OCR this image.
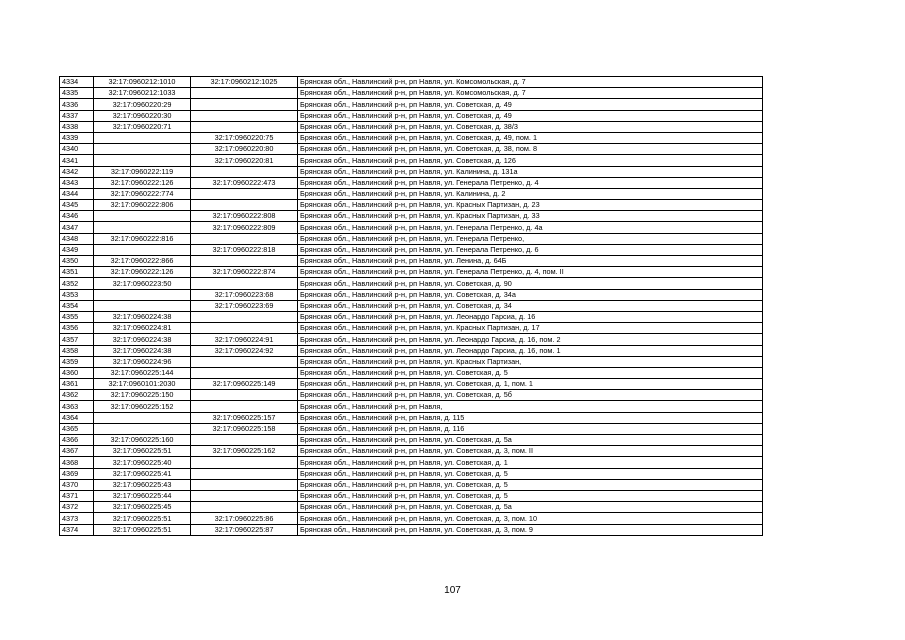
4334	32:17:0960212:1010	32:17:0960212:1025	Брянская обл., Навлинский р-н, рп Навля, ул. Комсомольская, д. 7
4335	32:17:0960212:1033		Брянская обл., Навлинский р-н, рп Навля, ул. Комсомольская, д. 7
4336	32:17:0960220:29		Брянская обл., Навлинский р-н, рп Навля, ул. Советская, д. 49
4337	32:17:0960220:30		Брянская обл., Навлинский р-н, рп Навля, ул. Советская, д. 49
4338	32:17:0960220:71		Брянская обл., Навлинский р-н, рп Навля, ул. Советская, д. 38/3
4339		32:17:0960220:75	Брянская обл., Навлинский р-н, рп Навля, ул. Советская, д. 49, пом. 1
4340		32:17:0960220:80	Брянская обл., Навлинский р-н, рп Навля, ул. Советская, д. 38, пом. 8
4341		32:17:0960220:81	Брянская обл., Навлинский р-н, рп Навля, ул. Советская, д. 126
4342	32:17:0960222:119		Брянская обл., Навлинский р-н, рп Навля, ул. Калинина, д. 131а
4343	32:17:0960222:126	32:17:0960222:473	Брянская обл., Навлинский р-н, рп Навля, ул. Генерала Петренко, д. 4
4344	32:17:0960222:774		Брянская обл., Навлинский р-н, рп Навля, ул. Калинина, д. 2
4345	32:17:0960222:806		Брянская обл., Навлинский р-н, рп Навля, ул. Красных Партизан, д. 23
4346		32:17:0960222:808	Брянская обл., Навлинский р-н, рп Навля, ул. Красных Партизан, д. 33
4347		32:17:0960222:809	Брянская обл., Навлинский р-н, рп Навля, ул. Генерала Петренко, д. 4а
4348	32:17:0960222:816		Брянская обл., Навлинский р-н, рп Навля, ул. Генерала Петренко,
4349		32:17:0960222:818	Брянская обл., Навлинский р-н, рп Навля, ул. Генерала Петренко, д. 6
4350	32:17:0960222:866		Брянская обл., Навлинский р-н, рп Навля, ул. Ленина, д. 64Б
4351	32:17:0960222:126	32:17:0960222:874	Брянская обл., Навлинский р-н, рп Навля, ул. Генерала Петренко, д. 4, пом. II
4352	32:17:0960223:50		Брянская обл., Навлинский р-н, рп Навля, ул. Советская, д. 90
4353		32:17:0960223:68	Брянская обл., Навлинский р-н, рп Навля, ул. Советская, д. 34а
4354		32:17:0960223:69	Брянская обл., Навлинский р-н, рп Навля, ул. Советская, д. 34
4355	32:17:0960224:38		Брянская обл., Навлинский р-н, рп Навля, ул. Леонардо Гарсиа, д. 16
4356	32:17:0960224:81		Брянская обл., Навлинский р-н, рп Навля, ул. Красных Партизан, д. 17
4357	32:17:0960224:38	32:17:0960224:91	Брянская обл., Навлинский р-н, рп Навля, ул. Леонардо Гарсиа, д. 16, пом. 2
4358	32:17:0960224:38	32:17:0960224:92	Брянская обл., Навлинский р-н, рп Навля, ул. Леонардо Гарсиа, д. 16, пом. 1
4359	32:17:0960224:96		Брянская обл., Навлинский р-н, рп Навля, ул. Красных Партизан,
4360	32:17:0960225:144		Брянская обл., Навлинский р-н, рп Навля, ул. Советская, д. 5
4361	32:17:0960101:2030	32:17:0960225:149	Брянская обл., Навлинский р-н, рп Навля, ул. Советская, д. 1, пом. 1
4362	32:17:0960225:150		Брянская обл., Навлинский р-н, рп Навля, ул. Советская, д. 5б
4363	32:17:0960225:152		Брянская обл., Навлинский р-н, рп Навля,
4364		32:17:0960225:157	Брянская обл., Навлинский р-н, рп Навля, д. 115
4365		32:17:0960225:158	Брянская обл., Навлинский р-н, рп Навля, д. 116
4366	32:17:0960225:160		Брянская обл., Навлинский р-н, рп Навля, ул. Советская, д. 5а
4367	32:17:0960225:51	32:17:0960225:162	Брянская обл., Навлинский р-н, рп Навля, ул. Советская, д. 3, пом. II
4368	32:17:0960225:40		Брянская обл., Навлинский р-н, рп Навля, ул. Советская, д. 1
4369	32:17:0960225:41		Брянская обл., Навлинский р-н, рп Навля, ул. Советская, д. 5
4370	32:17:0960225:43		Брянская обл., Навлинский р-н, рп Навля, ул. Советская, д. 5
4371	32:17:0960225:44		Брянская обл., Навлинский р-н, рп Навля, ул. Советская, д. 5
4372	32:17:0960225:45		Брянская обл., Навлинский р-н, рп Навля, ул. Советская, д. 5а
4373	32:17:0960225:51	32:17:0960225:86	Брянская обл., Навлинский р-н, рп Навля, ул. Советская, д. 3, пом. 10
4374	32:17:0960225:51	32:17:0960225:87	Брянская обл., Навлинский р-н, рп Навля, ул. Советская, д. 3, пом. 9
107
